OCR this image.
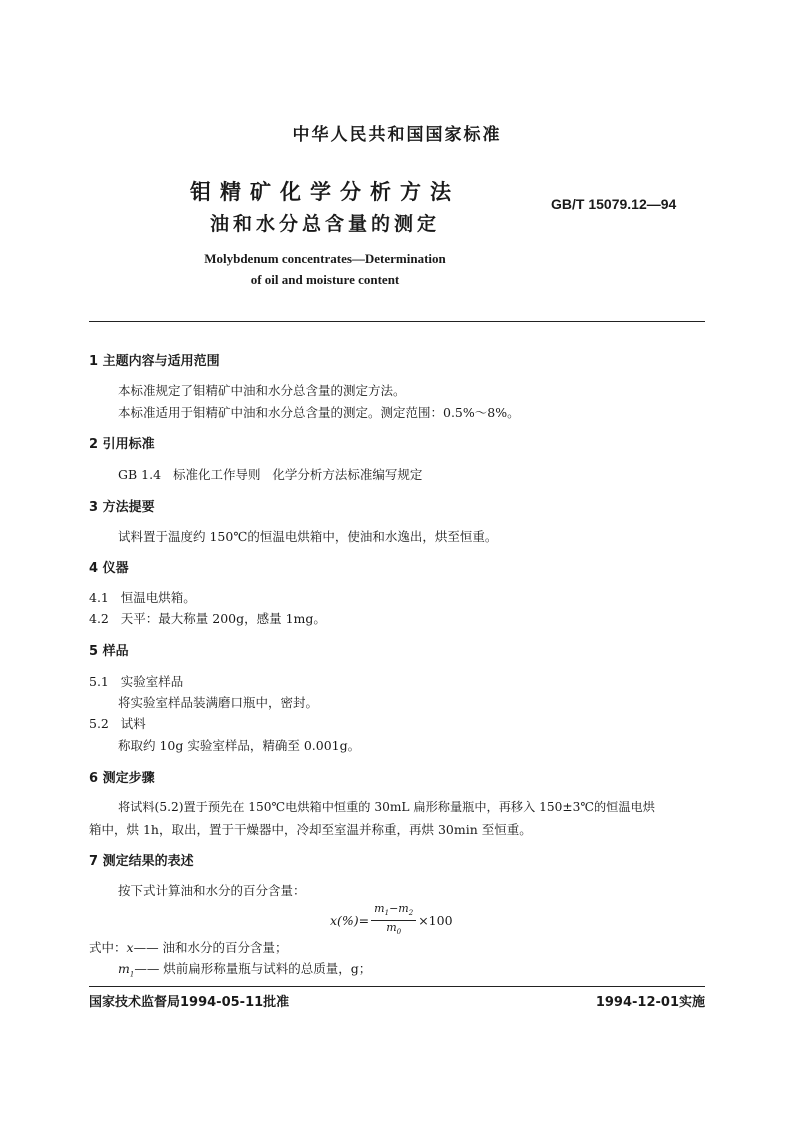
中华人民共和国国家标准
钼精矿化学分析方法
油和水分总含量的测定
GB/T 15079.12—94
Molybdenum concentrates—Determination
of oil and moisture content
1 主题内容与适用范围
本标准规定了钼精矿中油和水分总含量的测定方法。
本标准适用于钼精矿中油和水分总含量的测定。测定范围：0.5%～8%。
2 引用标准
GB 1.4   标准化工作导则   化学分析方法标准编写规定
3 方法提要
试料置于温度约 150℃的恒温电烘箱中，使油和水逸出，烘至恒重。
4 仪器
4.1   恒温电烘箱。
4.2   天平：最大称量 200g，感量 1mg。
5 样品
5.1   实验室样品
将实验室样品装满磨口瓶中，密封。
5.2   试料
称取约 10g 实验室样品，精确至 0.001g。
6 测定步骤
将试料(5.2)置于预先在 150℃电烘箱中恒重的 30mL 扁形称量瓶中，再移入 150±3℃的恒温电烘
箱中，烘 1h，取出，置于干燥器中，冷却至室温并称重，再烘 30min 至恒重。
7 测定结果的表述
按下式计算油和水分的百分含量：
$x(\%)= \frac{m_1-m_2}{m_0} \times 100$
式中：x—— 油和水分的百分含量；
$m_1——$ 烘前扁形称量瓶与试料的总质量，g；
国家技术监督局1994-05-11批准	1994-12-01实施
